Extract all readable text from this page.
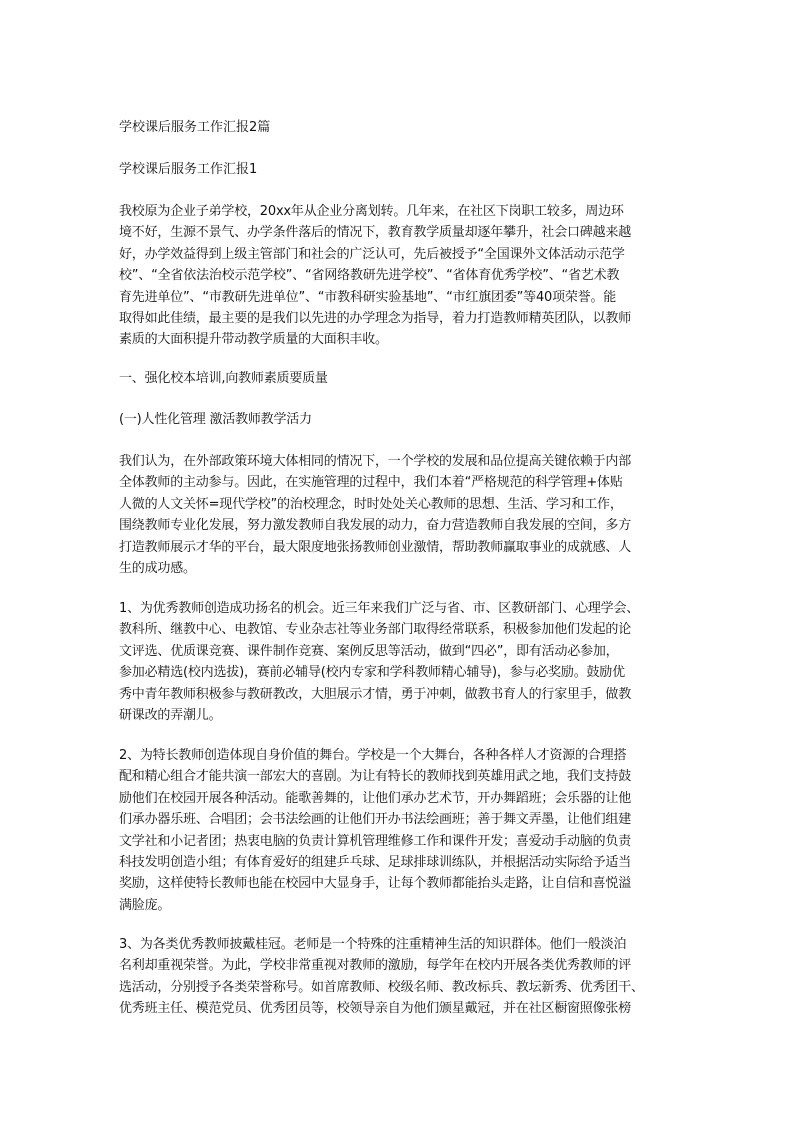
学校课后服务工作汇报2篇

学校课后服务工作汇报1

我校原为企业子弟学校，20xx年从企业分离划转。几年来，在社区下岗职工较多，周边环
境不好，生源不景气、办学条件落后的情况下，教育教学质量却逐年攀升，社会口碑越来越
好，办学效益得到上级主管部门和社会的广泛认可，先后被授予“全国课外文体活动示范学
校”、“全省依法治校示范学校”、“省网络教研先进学校”、“省体育优秀学校”、“省艺术教
育先进单位”、“市教研先进单位”、“市教科研实验基地”、“市红旗团委”等40项荣誉。能
取得如此佳绩，最主要的是我们以先进的办学理念为指导，着力打造教师精英团队，以教师
素质的大面积提升带动教学质量的大面积丰收。

一、强化校本培训,向教师素质要质量

(一)人性化管理 激活教师教学活力

我们认为，在外部政策环境大体相同的情况下，一个学校的发展和品位提高关键依赖于内部
全体教师的主动参与。因此，在实施管理的过程中，我们本着“严格规范的科学管理+体贴
人微的人文关怀=现代学校”的治校理念，时时处处关心教师的思想、生活、学习和工作，
围绕教师专业化发展，努力激发教师自我发展的动力，奋力营造教师自我发展的空间，多方
打造教师展示才华的平台，最大限度地张扬教师创业激情，帮助教师赢取事业的成就感、人
生的成功感。
1、为优秀教师创造成功扬名的机会。近三年来我们广泛与省、市、区教研部门、心理学会、
教科所、继教中心、电教馆、专业杂志社等业务部门取得经常联系，积极参加他们发起的论
文评选、优质课竞赛、课件制作竞赛、案例反思等活动，做到“四必”，即有活动必参加，
参加必精选(校内选拔)，赛前必辅导(校内专家和学科教师精心辅导)，参与必奖励。鼓励优
秀中青年教师积极参与教研教改，大胆展示才情，勇于冲刺，做教书育人的行家里手，做教
研课改的弄潮儿。
2、为特长教师创造体现自身价值的舞台。学校是一个大舞台，各种各样人才资源的合理搭
配和精心组合才能共演一部宏大的喜剧。为让有特长的教师找到英雄用武之地，我们支持鼓
励他们在校园开展各种活动。能歌善舞的，让他们承办艺术节，开办舞蹈班；会乐器的让他
们承办器乐班、合唱团；会书法绘画的让他们开办书法绘画班；善于舞文弄墨，让他们组建
文学社和小记者团；热衷电脑的负责计算机管理维修工作和课件开发；喜爱动手动脑的负责
科技发明创造小组；有体育爱好的组建乒乓球、足球排球训练队，并根据活动实际给予适当
奖励，这样使特长教师也能在校园中大显身手，让每个教师都能抬头走路，让自信和喜悦溢
满脸庞。
3、为各类优秀教师披戴桂冠。老师是一个特殊的注重精神生活的知识群体。他们一般淡泊
名利却重视荣誉。为此，学校非常重视对教师的激励，每学年在校内开展各类优秀教师的评
选活动，分别授予各类荣誉称号。如首席教师、校级名师、教改标兵、教坛新秀、优秀团干、
优秀班主任、模范党员、优秀团员等，校领导亲自为他们颁星戴冠，并在社区橱窗照像张榜
